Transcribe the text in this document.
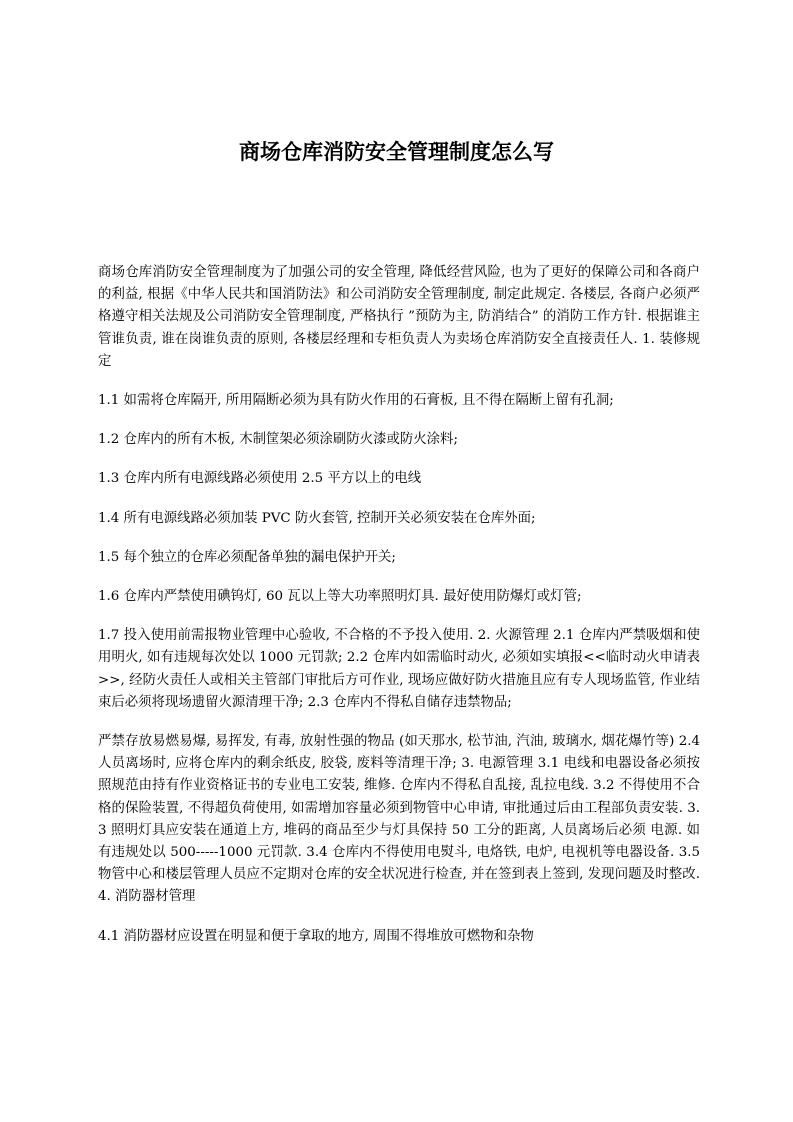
商场仓库消防安全管理制度怎么写

商场仓库消防安全管理制度为了加强公司的安全管理, 降低经营风险, 也为了更好的保障公司和各商户的利益, 根据《中华人民共和国消防法》和公司消防安全管理制度, 制定此规定. 各楼层, 各商户必须严格遵守相关法规及公司消防安全管理制度, 严格执行 ”预防为主, 防消结合” 的消防工作方针. 根据谁主管谁负责, 谁在岗谁负责的原则, 各楼层经理和专柜负责人为卖场仓库消防安全直接责任人. 1. 装修规定

1.1 如需将仓库隔开, 所用隔断必须为具有防火作用的石膏板, 且不得在隔断上留有孔洞;

1.2 仓库内的所有木板, 木制筐架必须涂刷防火漆或防火涂料;

1.3 仓库内所有电源线路必须使用 2.5 平方以上的电线

1.4 所有电源线路必须加装 PVC 防火套管, 控制开关必须安装在仓库外面;

1.5 每个独立的仓库必须配备单独的漏电保护开关;

1.6 仓库内严禁使用碘钨灯, 60 瓦以上等大功率照明灯具. 最好使用防爆灯或灯管;

1.7 投入使用前需报物业管理中心验收, 不合格的不予投入使用. 2. 火源管理 2.1 仓库内严禁吸烟和使用明火, 如有违规每次处以 1000 元罚款; 2.2 仓库内如需临时动火, 必须如实填报<<临时动火申请表>>, 经防火责任人或相关主管部门审批后方可作业, 现场应做好防火措施且应有专人现场监管, 作业结束后必须将现场遗留火源清理干净; 2.3 仓库内不得私自储存违禁物品;

严禁存放易燃易爆, 易挥发, 有毒, 放射性强的物品 (如天那水, 松节油, 汽油, 玻璃水, 烟花爆竹等) 2.4 人员离场时, 应将仓库内的剩余纸皮, 胶袋, 废料等清理干净; 3. 电源管理 3.1 电线和电器设备必须按照规范由持有作业资格证书的专业电工安装, 维修. 仓库内不得私自乱接, 乱拉电线. 3.2 不得使用不合格的保险装置, 不得超负荷使用, 如需增加容量必须到物管中心申请, 审批通过后由工程部负责安装. 3.3 照明灯具应安装在通道上方, 堆码的商品至少与灯具保持 50 工分的距离, 人员离场后必须 电源. 如有违规处以 500-----1000 元罚款. 3.4 仓库内不得使用电熨斗, 电烙铁, 电炉, 电视机等电器设备. 3.5 物管中心和楼层管理人员应不定期对仓库的安全状况进行检查, 并在签到表上签到, 发现问题及时整改. 4. 消防器材管理

4.1 消防器材应设置在明显和便于拿取的地方, 周围不得堆放可燃物和杂物
